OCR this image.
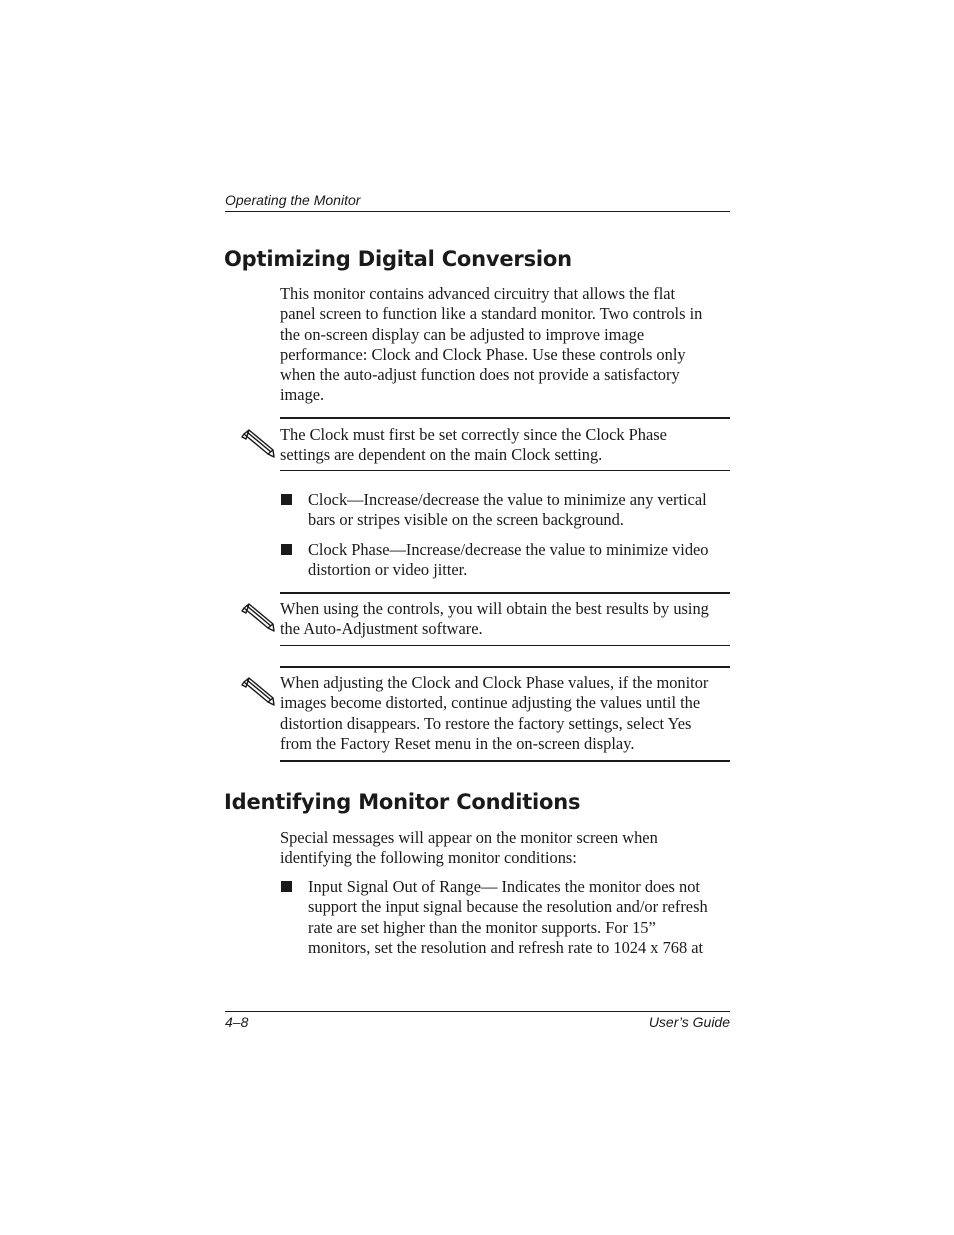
Operating the Monitor
Optimizing Digital Conversion
This monitor contains advanced circuitry that allows the flat
panel screen to function like a standard monitor. Two controls in
the on-screen display can be adjusted to improve image
performance: Clock and Clock Phase. Use these controls only
when the auto-adjust function does not provide a satisfactory
image.
The Clock must first be set correctly since the Clock Phase
settings are dependent on the main Clock setting.
Clock—Increase/decrease the value to minimize any vertical
bars or stripes visible on the screen background.
Clock Phase—Increase/decrease the value to minimize video
distortion or video jitter.
When using the controls, you will obtain the best results by using
the Auto-Adjustment software.
When adjusting the Clock and Clock Phase values, if the monitor
images become distorted, continue adjusting the values until the
distortion disappears. To restore the factory settings, select Yes
from the Factory Reset menu in the on-screen display.
Identifying Monitor Conditions
Special messages will appear on the monitor screen when
identifying the following monitor conditions:
Input Signal Out of Range— Indicates the monitor does not
support the input signal because the resolution and/or refresh
rate are set higher than the monitor supports. For 15”
monitors, set the resolution and refresh rate to 1024 x 768 at
4–8	User’s Guide
